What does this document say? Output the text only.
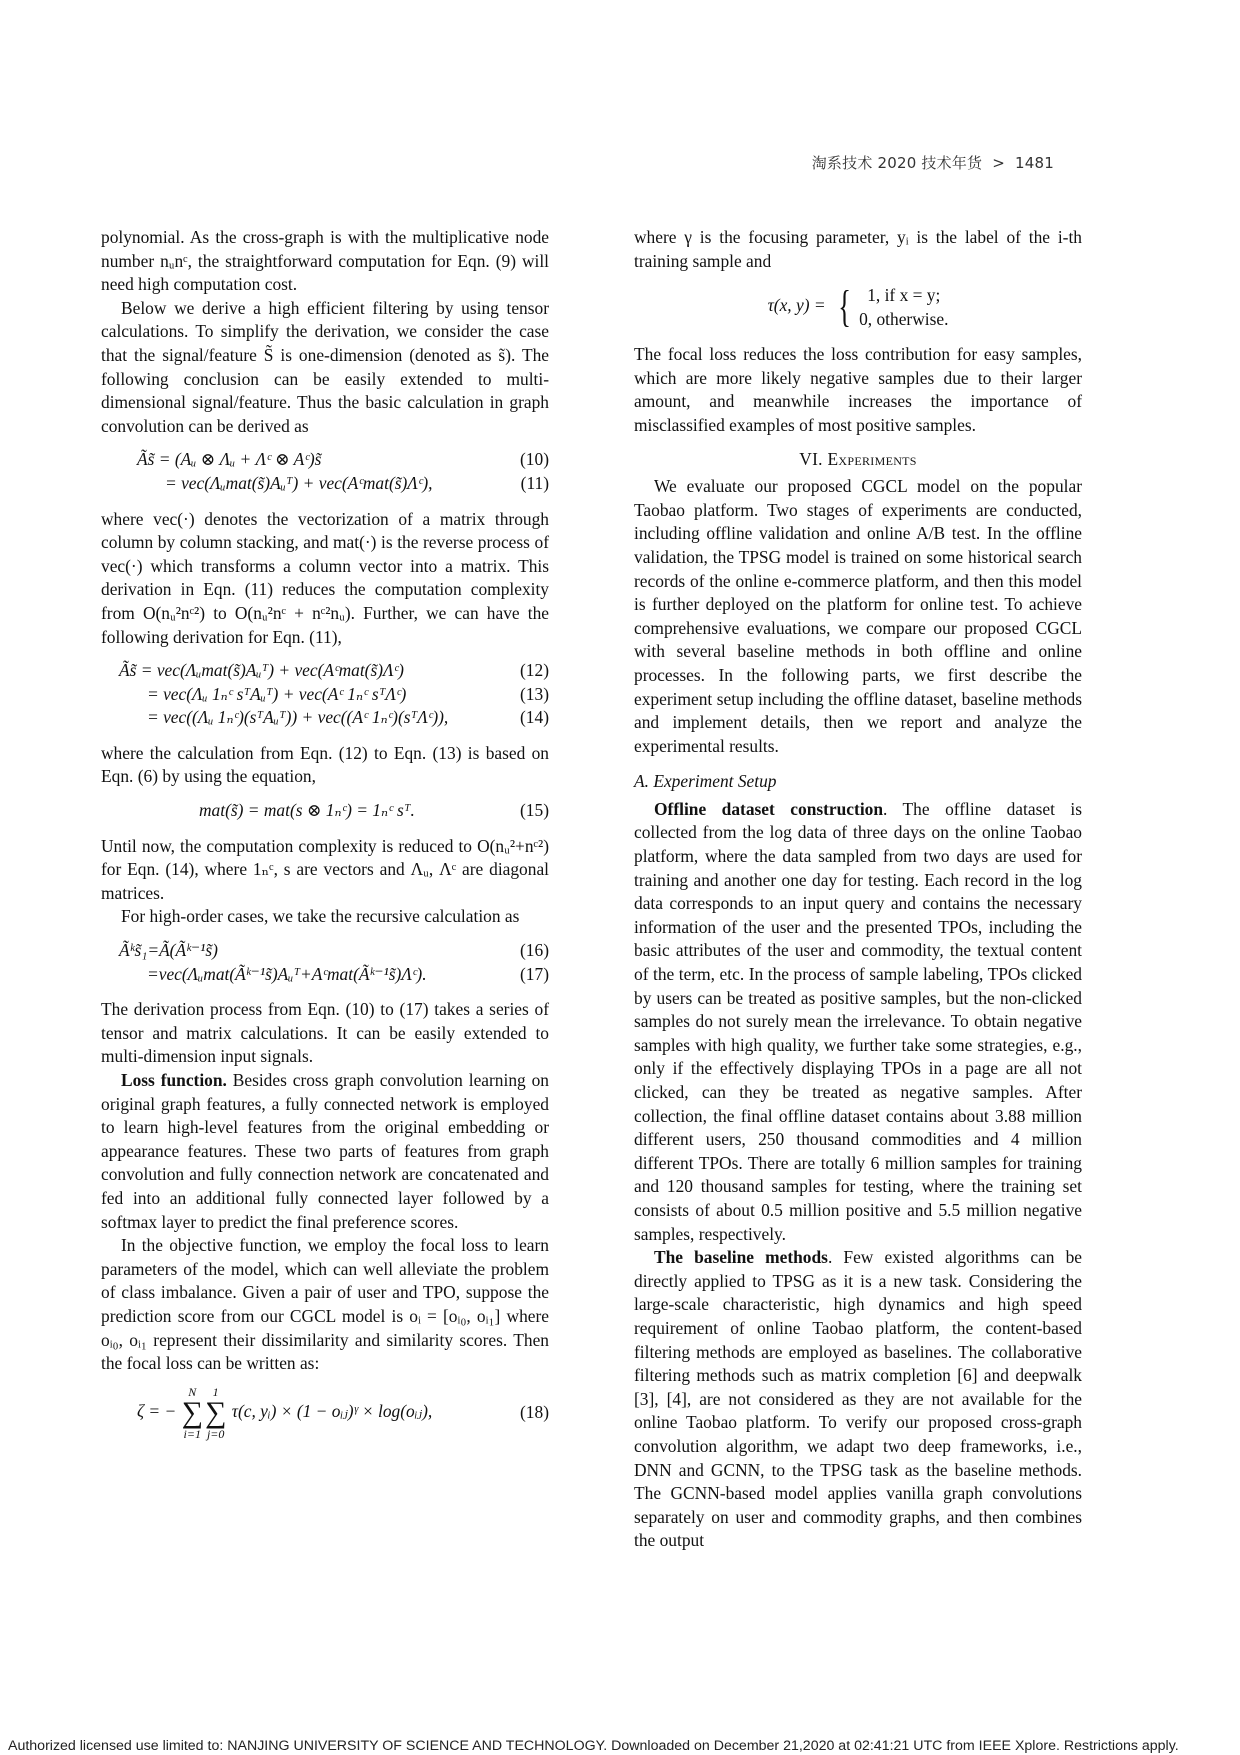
淘系技术 2020 技术年货 > 1481

polynomial. As the cross-graph is with the multiplicative node number nᵤnᶜ, the straightforward computation for Eqn. (9) will need high computation cost.

Below we derive a high efficient filtering by using tensor calculations. To simplify the derivation, we consider the case that the signal/feature S̃ is one-dimension (denoted as s̃). The following conclusion can be easily extended to multi-dimensional signal/feature. Thus the basic calculation in graph convolution can be derived as

Ãs̃ = (Aᵤ ⊗ Λᵤ + Λᶜ ⊗ Aᶜ)s̃	(10)
= vec(Λᵤmat(s̃)Aᵤᵀ) + vec(Aᶜmat(s̃)Λᶜ),	(11)

where vec(·) denotes the vectorization of a matrix through column by column stacking, and mat(·) is the reverse process of vec(·) which transforms a column vector into a matrix. This derivation in Eqn. (11) reduces the computation complexity from O(nᵤ²nᶜ²) to O(nᵤ²nᶜ + nᶜ²nᵤ). Further, we can have the following derivation for Eqn. (11),

Ãs̃ = vec(Λᵤmat(s̃)Aᵤᵀ) + vec(Aᶜmat(s̃)Λᶜ)	(12)
= vec(Λᵤ 1ₙᶜ sᵀAᵤᵀ) + vec(Aᶜ 1ₙᶜ sᵀΛᶜ)	(13)
= vec((Λᵤ 1ₙᶜ)(sᵀAᵤᵀ)) + vec((Aᶜ 1ₙᶜ)(sᵀΛᶜ)),	(14)

where the calculation from Eqn. (12) to Eqn. (13) is based on Eqn. (6) by using the equation,

mat(s̃) = mat(s ⊗ 1ₙᶜ) = 1ₙᶜ sᵀ.	(15)

Until now, the computation complexity is reduced to O(nᵤ²+nᶜ²) for Eqn. (14), where 1ₙᶜ, s are vectors and Λᵤ, Λᶜ are diagonal matrices.

For high-order cases, we take the recursive calculation as

Ãᵏs̃₁=Ã(Ãᵏ⁻¹s̃)	(16)
=vec(Λᵤmat(Ãᵏ⁻¹s̃)Aᵤᵀ+Aᶜmat(Ãᵏ⁻¹s̃)Λᶜ).	(17)

The derivation process from Eqn. (10) to (17) takes a series of tensor and matrix calculations. It can be easily extended to multi-dimension input signals.

Loss function. Besides cross graph convolution learning on original graph features, a fully connected network is employed to learn high-level features from the original embedding or appearance features. These two parts of features from graph convolution and fully connection network are concatenated and fed into an additional fully connected layer followed by a softmax layer to predict the final preference scores.

In the objective function, we employ the focal loss to learn parameters of the model, which can well alleviate the problem of class imbalance. Given a pair of user and TPO, suppose the prediction score from our CGCL model is oᵢ = [oᵢ₀, oᵢ₁] where oᵢ₀, oᵢ₁ represent their dissimilarity and similarity scores. Then the focal loss can be written as:

ζ = −
N
∑
i=1
1
∑
j=0
τ(c, yᵢ) × (1 − oᵢⱼ)ᵞ × log(oᵢⱼ),	(18)

where γ is the focusing parameter, yᵢ is the label of the i-th training sample and

τ(x, y) = { 1, if x = y;
0, otherwise.

The focal loss reduces the loss contribution for easy samples, which are more likely negative samples due to their larger amount, and meanwhile increases the importance of misclassified examples of most positive samples.

VI. Experiments

We evaluate our proposed CGCL model on the popular Taobao platform. Two stages of experiments are conducted, including offline validation and online A/B test. In the offline validation, the TPSG model is trained on some historical search records of the online e-commerce platform, and then this model is further deployed on the platform for online test. To achieve comprehensive evaluations, we compare our proposed CGCL with several baseline methods in both offline and online processes. In the following parts, we first describe the experiment setup including the offline dataset, baseline methods and implement details, then we report and analyze the experimental results.

A. Experiment Setup

Offline dataset construction. The offline dataset is collected from the log data of three days on the online Taobao platform, where the data sampled from two days are used for training and another one day for testing. Each record in the log data corresponds to an input query and contains the necessary information of the user and the presented TPOs, including the basic attributes of the user and commodity, the textual content of the term, etc. In the process of sample labeling, TPOs clicked by users can be treated as positive samples, but the non-clicked samples do not surely mean the irrelevance. To obtain negative samples with high quality, we further take some strategies, e.g., only if the effectively displaying TPOs in a page are all not clicked, can they be treated as negative samples. After collection, the final offline dataset contains about 3.88 million different users, 250 thousand commodities and 4 million different TPOs. There are totally 6 million samples for training and 120 thousand samples for testing, where the training set consists of about 0.5 million positive and 5.5 million negative samples, respectively.

The baseline methods. Few existed algorithms can be directly applied to TPSG as it is a new task. Considering the large-scale characteristic, high dynamics and high speed requirement of online Taobao platform, the content-based filtering methods are employed as baselines. The collaborative filtering methods such as matrix completion [6] and deepwalk [3], [4], are not considered as they are not available for the online Taobao platform. To verify our proposed cross-graph convolution algorithm, we adapt two deep frameworks, i.e., DNN and GCNN, to the TPSG task as the baseline methods. The GCNN-based model applies vanilla graph convolutions separately on user and commodity graphs, and then combines the output

Authorized licensed use limited to: NANJING UNIVERSITY OF SCIENCE AND TECHNOLOGY. Downloaded on December 21,2020 at 02:41:21 UTC from IEEE Xplore. Restrictions apply.
